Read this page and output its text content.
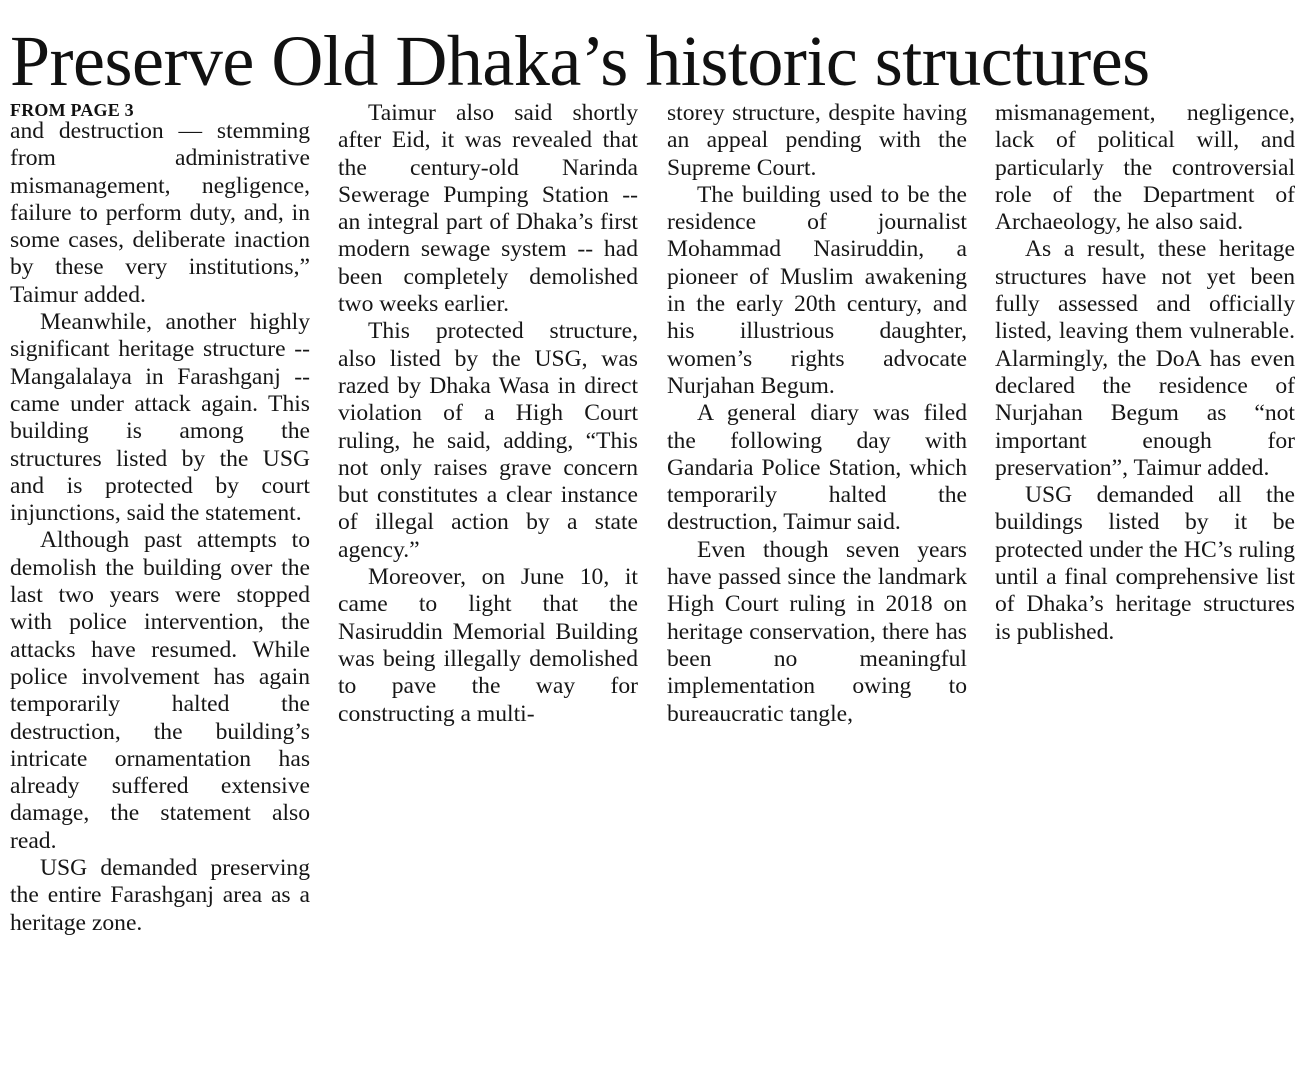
Preserve Old Dhaka’s historic structures
FROM PAGE 3

and destruction — stemming from administrative mismanagement, negligence, failure to perform duty, and, in some cases, deliberate inaction by these very institutions,” Taimur added.

Meanwhile, another highly significant heritage structure -- Mangalalaya in Farashganj -- came under attack again. This building is among the structures listed by the USG and is protected by court injunctions, said the statement.

Although past attempts to demolish the building over the last two years were stopped with police intervention, the attacks have resumed. While police involvement has again temporarily halted the destruction, the building’s intricate ornamentation has already suffered extensive damage, the statement also read.

USG demanded preserving the entire Farashganj area as a heritage zone.

Taimur also said shortly after Eid, it was revealed that the century-old Narinda Sewerage Pumping Station -- an integral part of Dhaka’s first modern sewage system -- had been completely demolished two weeks earlier.

This protected structure, also listed by the USG, was razed by Dhaka Wasa in direct violation of a High Court ruling, he said, adding, “This not only raises grave concern but constitutes a clear instance of illegal action by a state agency.”

Moreover, on June 10, it came to light that the Nasiruddin Memorial Building was being illegally demolished to pave the way for constructing a multi-

storey structure, despite having an appeal pending with the Supreme Court.

The building used to be the residence of journalist Mohammad Nasiruddin, a pioneer of Muslim awakening in the early 20th century, and his illustrious daughter, women’s rights advocate Nurjahan Begum.

A general diary was filed the following day with Gandaria Police Station, which temporarily halted the destruction, Taimur said.

Even though seven years have passed since the landmark High Court ruling in 2018 on heritage conservation, there has been no meaningful implementation owing to bureaucratic tangle,

mismanagement, negligence, lack of political will, and particularly the controversial role of the Department of Archaeology, he also said.

As a result, these heritage structures have not yet been fully assessed and officially listed, leaving them vulnerable. Alarmingly, the DoA has even declared the residence of Nurjahan Begum as “not important enough for preservation”, Taimur added.

USG demanded all the buildings listed by it be protected under the HC’s ruling until a final comprehensive list of Dhaka’s heritage structures is published.
